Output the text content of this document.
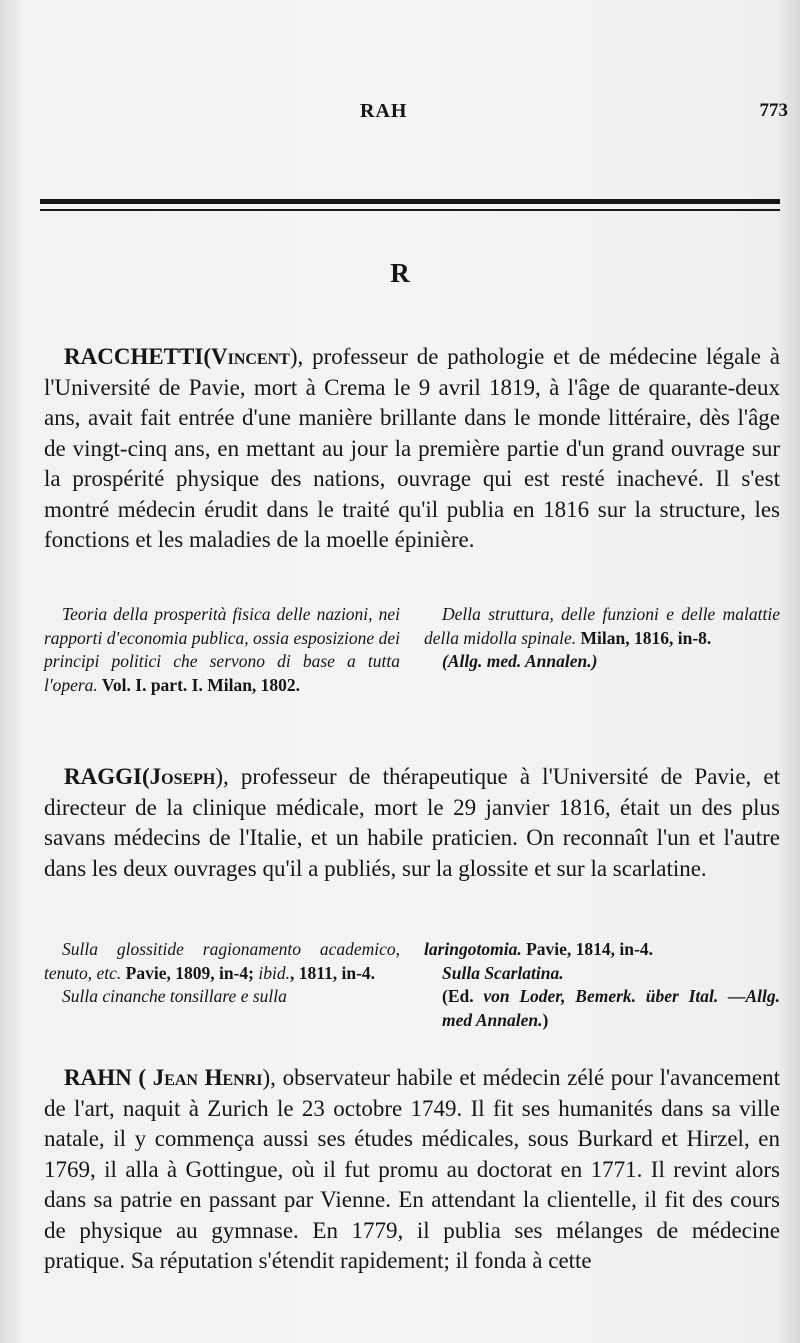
RAH	773
R

RACCHETTI(Vincent), professeur de pathologie et de médecine légale à l'Université de Pavie, mort à Crema le 9 avril 1819, à l'âge de quarante-deux ans, avait fait entrée d'une manière brillante dans le monde littéraire, dès l'âge de vingt-cinq ans, en mettant au jour la première partie d'un grand ouvrage sur la prospérité physique des nations, ouvrage qui est resté inachevé. Il s'est montré médecin érudit dans le traité qu'il publia en 1816 sur la structure, les fonctions et les maladies de la moelle épinière.

Teoria della prosperità fisica delle nazioni, nei rapporti d'economia publica, ossia esposizione dei principi politici che servono di base a tutta l'opera. Vol. I. part. I. Milan, 1802.

Della struttura, delle funzioni e delle malattie della midolla spinale. Milan, 1816, in-8.

(Allg. med. Annalen.)

RAGGI(Joseph), professeur de thérapeutique à l'Université de Pavie, et directeur de la clinique médicale, mort le 29 janvier 1816, était un des plus savans médecins de l'Italie, et un habile praticien. On reconnaît l'un et l'autre dans les deux ouvrages qu'il a publiés, sur la glossite et sur la scarlatine.

Sulla glossitide ragionamento academico, tenuto, etc. Pavie, 1809, in-4; ibid., 1811, in-4.

Sulla cinanche tonsillare e sulla

laringotomia. Pavie, 1814, in-4.

Sulla Scarlatina.

(Ed. von Loder, Bemerk. über Ital. —Allg. med Annalen.)

RAHN ( Jean Henri), observateur habile et médecin zélé pour l'avancement de l'art, naquit à Zurich le 23 octobre 1749. Il fit ses humanités dans sa ville natale, il y commença aussi ses études médicales, sous Burkard et Hirzel, en 1769, il alla à Gottingue, où il fut promu au doctorat en 1771. Il revint alors dans sa patrie en passant par Vienne. En attendant la clientelle, il fit des cours de physique au gymnase. En 1779, il publia ses mélanges de médecine pratique. Sa réputation s'étendit rapidement; il fonda à cette
